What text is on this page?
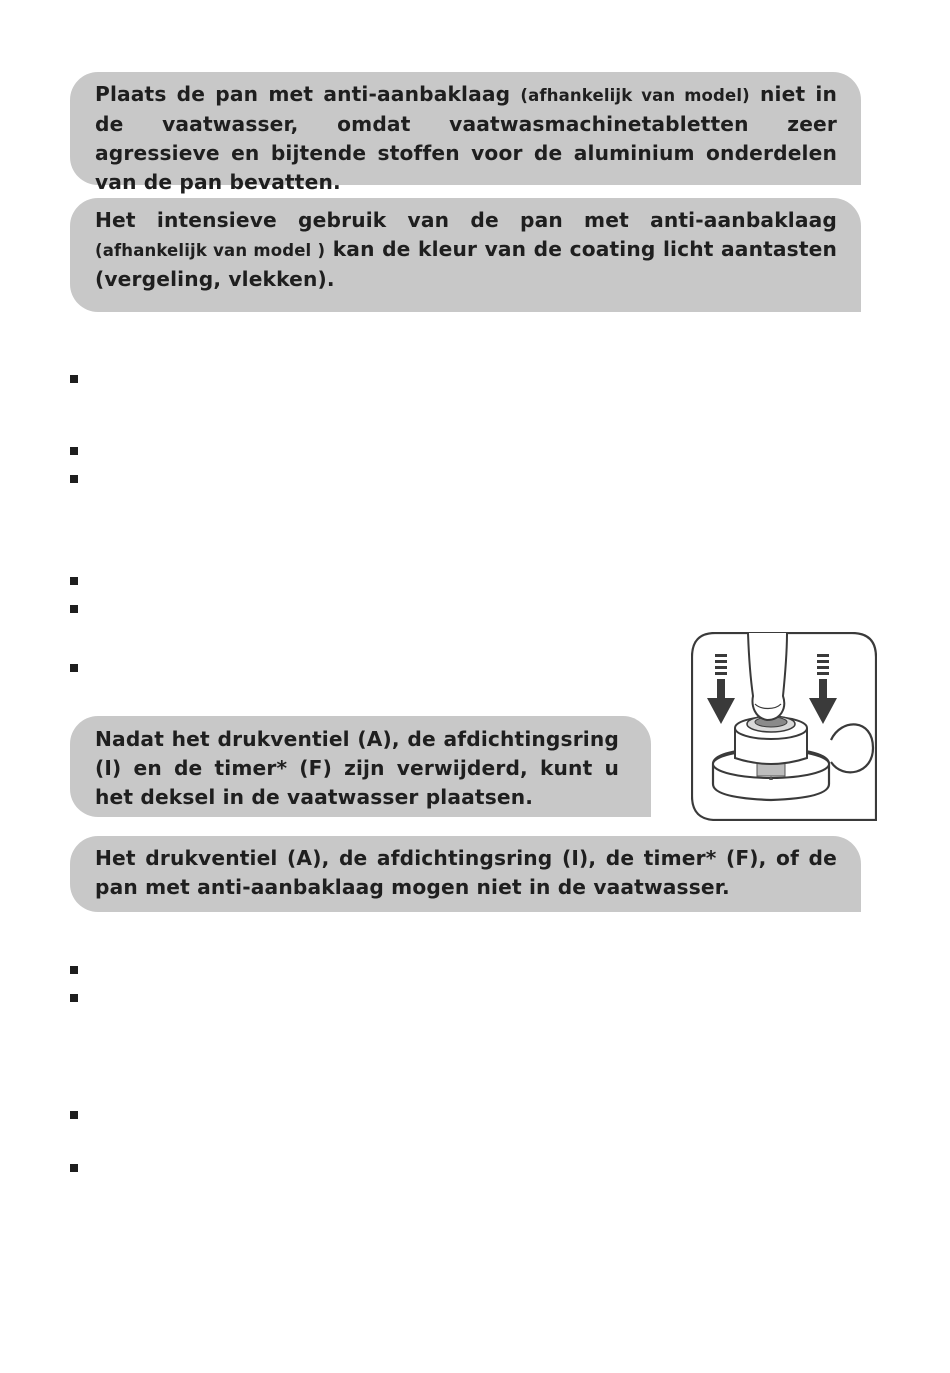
Plaats de pan met anti-aanbaklaag (afhankelijk van model) niet in de vaatwasser, omdat vaatwasmachinetabletten zeer agressieve en bijtende stoffen voor de aluminium onderdelen van de pan bevatten.
Het intensieve gebruik van de pan met anti-aanbaklaag (afhankelijk van model ) kan de kleur van de coating licht aantasten (vergeling, vlekken).
Nadat het drukventiel (A), de afdichtingsring (I) en de timer* (F) zijn verwijderd, kunt u het deksel in de vaatwasser plaatsen.
Het drukventiel (A), de afdichtingsring (I), de timer* (F), of de pan met anti-aanbaklaag mogen niet in de vaatwasser.
